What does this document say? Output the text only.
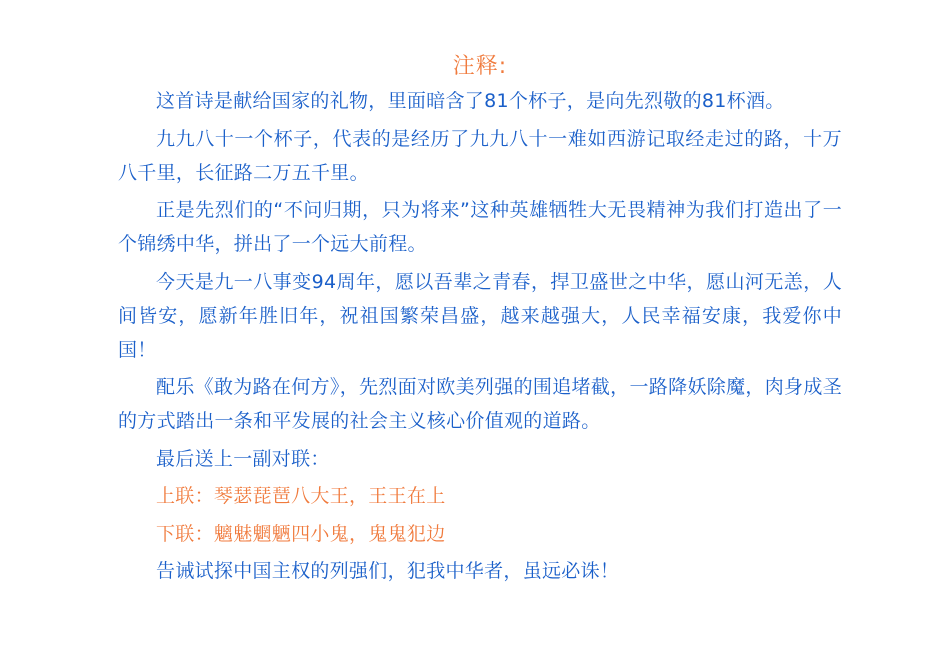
注释:

这首诗是献给国家的礼物，里面暗含了81个杯子，是向先烈敬的81杯酒。

九九八十一个杯子，代表的是经历了九九八十一难如西游记取经走过的路，十万八千里，长征路二万五千里。

正是先烈们的“不问归期，只为将来”这种英雄牺牲大无畏精神为我们打造出了一个锦绣中华，拼出了一个远大前程。

今天是九一八事变94周年，愿以吾辈之青春，捍卫盛世之中华，愿山河无恙，人间皆安，愿新年胜旧年，祝祖国繁荣昌盛，越来越强大，人民幸福安康，我爱你中国！

配乐《敢为路在何方》，先烈面对欧美列强的围追堵截，一路降妖除魔，肉身成圣的方式踏出一条和平发展的社会主义核心价值观的道路。

最后送上一副对联：

上联：琴瑟琵琶八大王，王王在上

下联：魑魅魍魉四小鬼，鬼鬼犯边

告诫试探中国主权的列强们，犯我中华者，虽远必诛！
